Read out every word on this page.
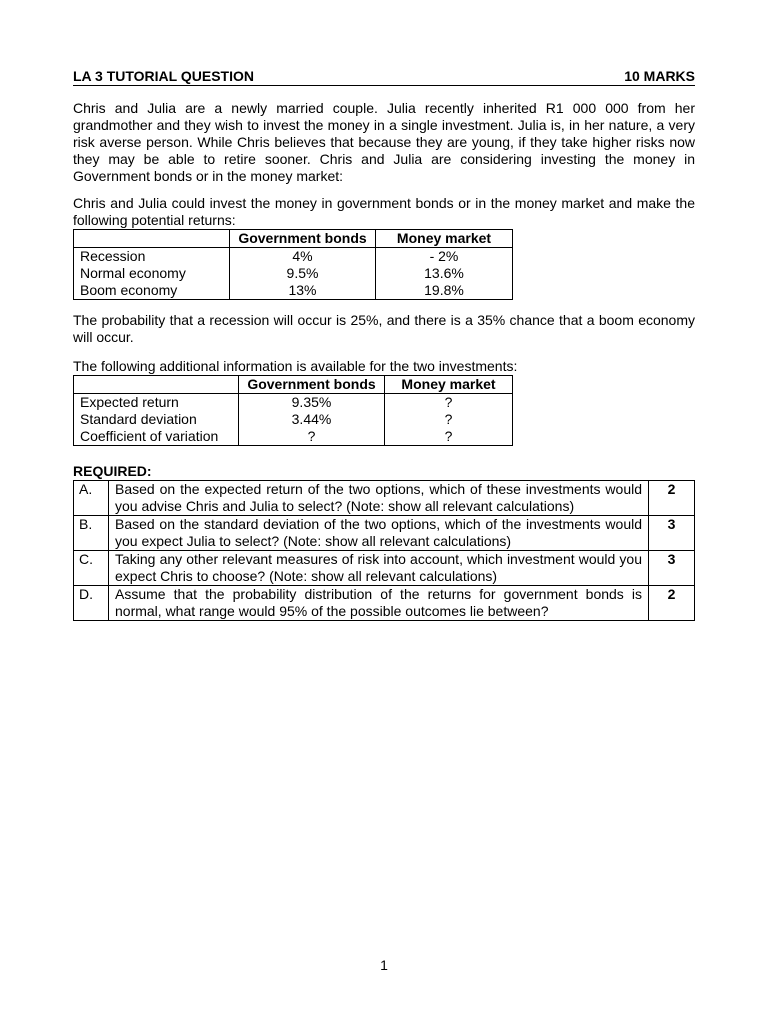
LA 3 TUTORIAL QUESTION	10 MARKS

Chris and Julia are a newly married couple. Julia recently inherited R1 000 000 from her grandmother and they wish to invest the money in a single investment. Julia is, in her nature, a very risk averse person. While Chris believes that because they are young, if they take higher risks now they may be able to retire sooner. Chris and Julia are considering investing the money in Government bonds or in the money market:

Chris and Julia could invest the money in government bonds or in the money market and make the following potential returns:

	Government bonds	Money market
Recession	4%	- 2%
Normal economy	9.5%	13.6%
Boom economy	13%	19.8%

The probability that a recession will occur is 25%, and there is a 35% chance that a boom economy will occur.

The following additional information is available for the two investments:

	Government bonds	Money market
Expected return	9.35%	?
Standard deviation	3.44%	?
Coefficient of variation	?	?
REQUIRED:
A.	Based on the expected return of the two options, which of these investments would you advise Chris and Julia to select? (Note: show all relevant calculations)	2
B.	Based on the standard deviation of the two options, which of the investments would you expect Julia to select? (Note: show all relevant calculations)	3
C.	Taking any other relevant measures of risk into account, which investment would you expect Chris to choose? (Note: show all relevant calculations)	3
D.	Assume that the probability distribution of the returns for government bonds is normal, what range would 95% of the possible outcomes lie between?	2
1
